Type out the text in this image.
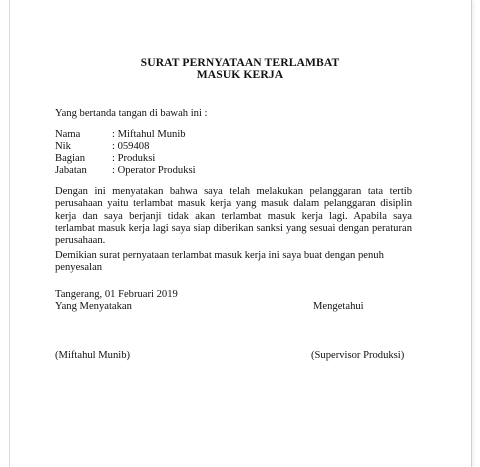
SURAT PERNYATAAN TERLAMBAT
MASUK KERJA
Yang bertanda tangan di bawah ini :
Nama	: Miftahul Munib
Nik	: 059408
Bagian	: Produksi
Jabatan : Operator Produksi

Dengan ini menyatakan bahwa saya telah melakukan pelanggaran tata tertib perusahaan yaitu terlambat masuk kerja yang masuk dalam pelanggaran disiplin kerja dan saya berjanji tidak akan terlambat masuk kerja lagi. Apabila saya terlambat masuk kerja lagi saya siap diberikan sanksi yang sesuai dengan peraturan perusahaan.

Demikian surat pernyataan terlambat masuk kerja ini saya buat dengan penuh
penyesalan
Tangerang, 01 Februari 2019
Yang Menyatakan	Mengetahui
(Miftahul Munib)	(Supervisor Produksi)
